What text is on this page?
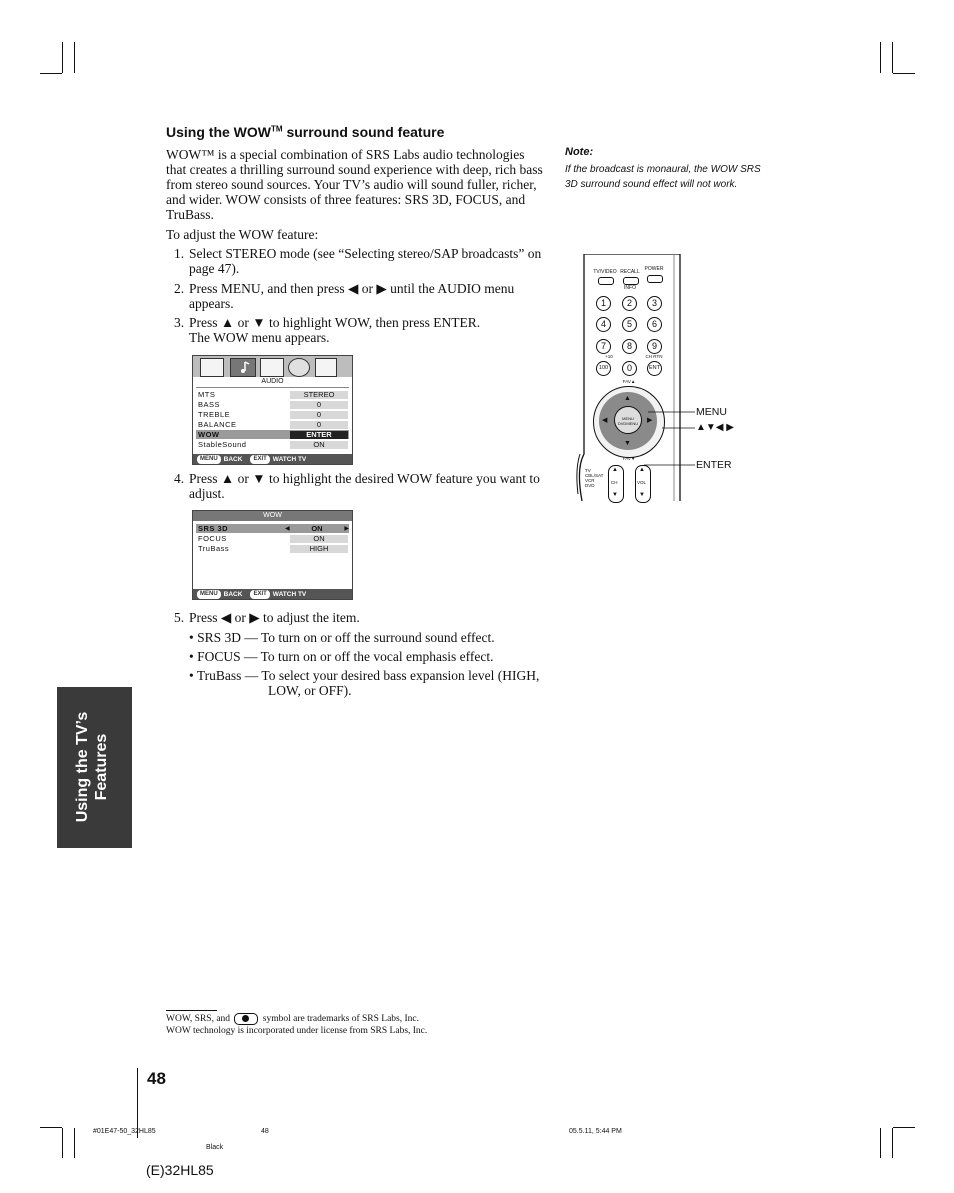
Using the TV’s Features
Using the WOW™ surround sound feature
WOW™ is a special combination of SRS Labs audio technologies
that creates a thrilling surround sound experience with deep, rich bass
from stereo sound sources. Your TV’s audio will sound fuller, richer,
and wider. WOW consists of three features: SRS 3D, FOCUS, and
TruBass.
To adjust the WOW feature:
1. Select STEREO mode (see “Selecting stereo/SAP broadcasts” on
page 47).
2. Press MENU, and then press ◀ or ▶ until the AUDIO menu
appears.
3. Press ▲ or ▼ to highlight WOW, then press ENTER.
The WOW menu appears.
AUDIO
MTS	STEREO
BASS	0
TREBLE	0
BALANCE	0
WOW	ENTER
StableSound	ON
MENU BACK	EXIT WATCH TV
4. Press ▲ or ▼ to highlight the desired WOW feature you want to
adjust.
WOW
SRS 3D	◀	ON	▶
FOCUS	ON
TruBass	HIGH
MENU BACK	EXIT WATCH TV
5. Press ◀ or ▶ to adjust the item.
• SRS 3D — To turn on or off the surround sound effect.
• FOCUS — To turn on or off the vocal emphasis effect.
• TruBass — To select your desired bass expansion level (HIGH,
LOW, or OFF).
Note:
If the broadcast is monaural, the WOW SRS 3D surround sound effect will not work.
TV/VIDEO RECALL POWER
INFO
1	2	3
4	5	6
7	8	9
+10	CH RTN
100	0	ENT
FAV▲
▲
▼
◀	▶
MENU DVDMENU
FAV▼
TV
CBL/SAT
VCR
DVD
▲
CH
▼
▲
VOL
▼
MENU
▲▼◀ ▶
ENTER
WOW, SRS, and	symbol are trademarks of SRS Labs, Inc.
WOW technology is incorporated under license from SRS Labs, Inc.
48
#01E47-50_32HL85	48	05.5.11, 5:44 PM
Black
(E)32HL85
